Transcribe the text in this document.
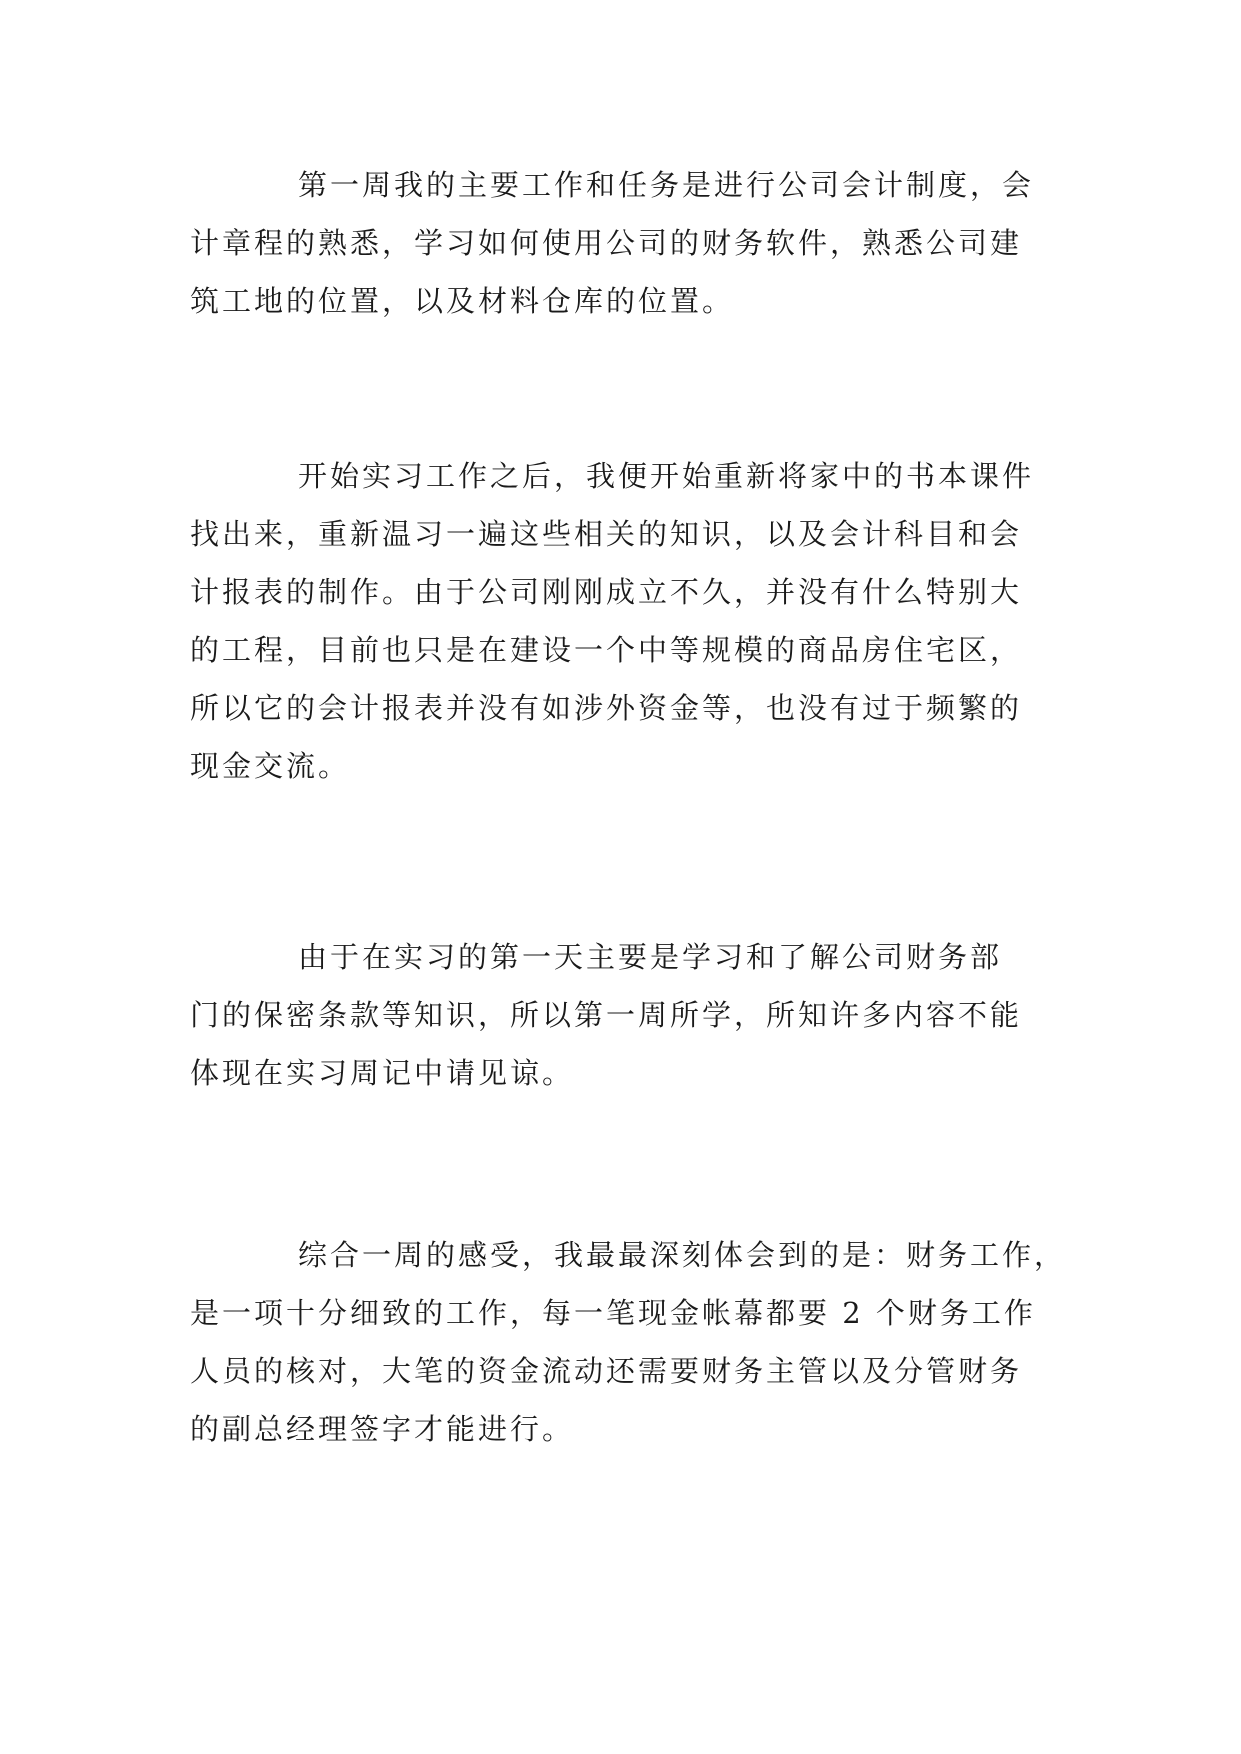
第一周我的主要工作和任务是进行公司会计制度，会
计章程的熟悉，学习如何使用公司的财务软件，熟悉公司建
筑工地的位置，以及材料仓库的位置。
开始实习工作之后，我便开始重新将家中的书本课件
找出来，重新温习一遍这些相关的知识，以及会计科目和会
计报表的制作。由于公司刚刚成立不久，并没有什么特别大
的工程，目前也只是在建设一个中等规模的商品房住宅区，
所以它的会计报表并没有如涉外资金等，也没有过于频繁的
现金交流。
由于在实习的第一天主要是学习和了解公司财务部
门的保密条款等知识，所以第一周所学，所知许多内容不能
体现在实习周记中请见谅。
综合一周的感受，我最最深刻体会到的是：财务工作，
是一项十分细致的工作，每一笔现金帐幕都要 2 个财务工作
人员的核对，大笔的资金流动还需要财务主管以及分管财务
的副总经理签字才能进行。
